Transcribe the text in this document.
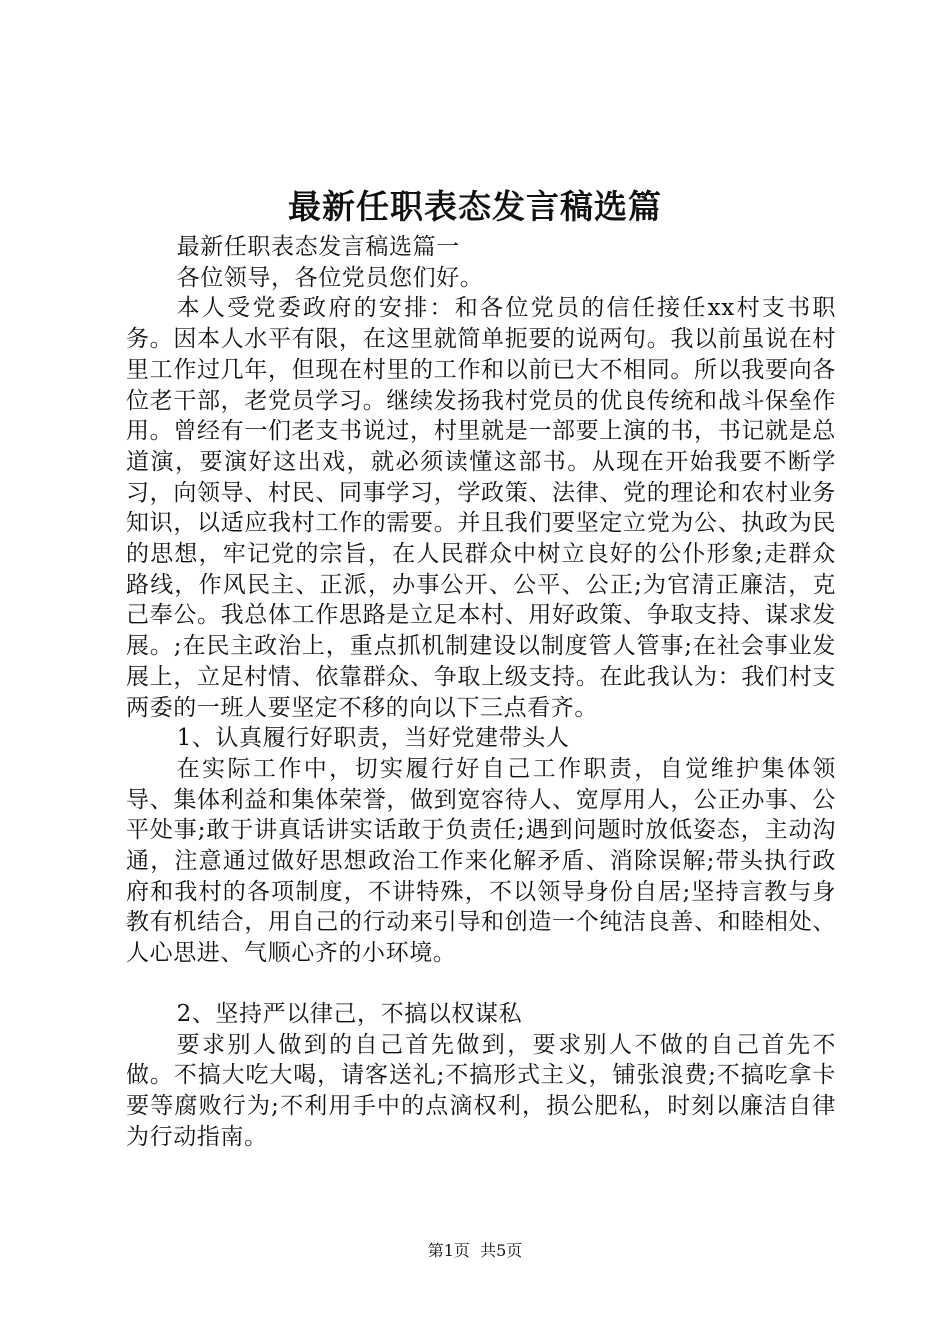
最新任职表态发言稿选篇

最新任职表态发言稿选篇一

各位领导，各位党员您们好。

本人受党委政府的安排：和各位党员的信任接任xx村支书职务。因本人水平有限，在这里就简单扼要的说两句。我以前虽说在村里工作过几年，但现在村里的工作和以前已大不相同。所以我要向各位老干部，老党员学习。继续发扬我村党员的优良传统和战斗保垒作用。曾经有一们老支书说过，村里就是一部要上演的书，书记就是总道演，要演好这出戏，就必须读懂这部书。从现在开始我要不断学习，向领导、村民、同事学习，学政策、法律、党的理论和农村业务知识，以适应我村工作的需要。并且我们要坚定立党为公、执政为民的思想，牢记党的宗旨，在人民群众中树立良好的公仆形象;走群众路线，作风民主、正派，办事公开、公平、公正;为官清正廉洁，克己奉公。我总体工作思路是立足本村、用好政策、争取支持、谋求发展。;在民主政治上，重点抓机制建设以制度管人管事;在社会事业发展上，立足村情、依靠群众、争取上级支持。在此我认为：我们村支两委的一班人要坚定不移的向以下三点看齐。

1、认真履行好职责，当好党建带头人

在实际工作中，切实履行好自己工作职责，自觉维护集体领导、集体利益和集体荣誉，做到宽容待人、宽厚用人，公正办事、公平处事;敢于讲真话讲实话敢于负责任;遇到问题时放低姿态，主动沟通，注意通过做好思想政治工作来化解矛盾、消除误解;带头执行政府和我村的各项制度，不讲特殊，不以领导身份自居;坚持言教与身教有机结合，用自己的行动来引导和创造一个纯洁良善、和睦相处、人心思进、气顺心齐的小环境。

2、坚持严以律己，不搞以权谋私

要求别人做到的自己首先做到，要求别人不做的自己首先不做。不搞大吃大喝，请客送礼;不搞形式主义，铺张浪费;不搞吃拿卡要等腐败行为;不利用手中的点滴权利，损公肥私，时刻以廉洁自律为行动指南。

第1页  共5页
